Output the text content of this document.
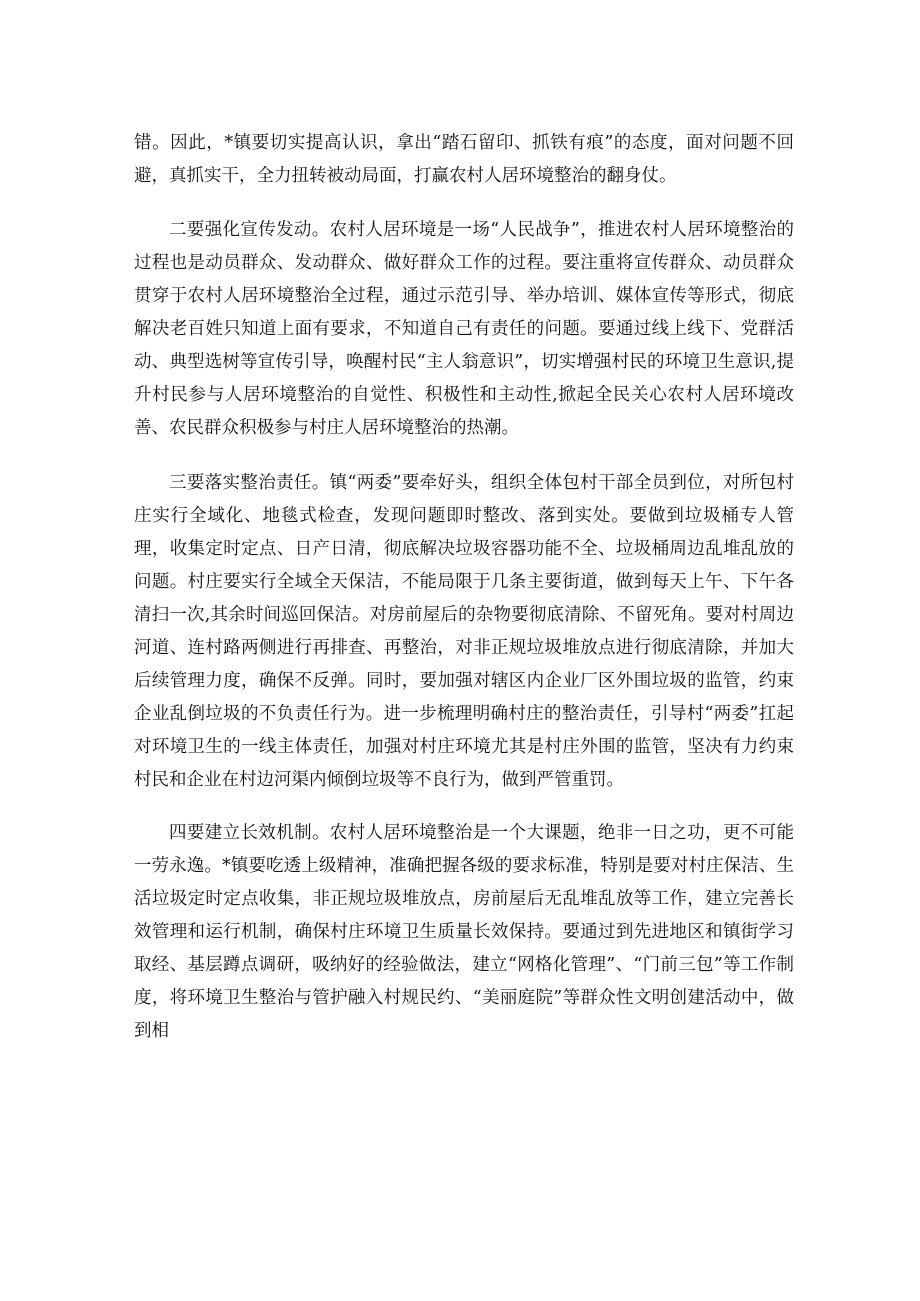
错。因此，*镇要切实提高认识，拿出“踏石留印、抓铁有痕”的态度，面对问题不回避，真抓实干，全力扭转被动局面，打赢农村人居环境整治的翻身仗。

二要强化宣传发动。农村人居环境是一场“人民战争”，推进农村人居环境整治的过程也是动员群众、发动群众、做好群众工作的过程。要注重将宣传群众、动员群众贯穿于农村人居环境整治全过程，通过示范引导、举办培训、媒体宣传等形式，彻底解决老百姓只知道上面有要求，不知道自己有责任的问题。要通过线上线下、党群活动、典型选树等宣传引导，唤醒村民“主人翁意识”，切实增强村民的环境卫生意识,提升村民参与人居环境整治的自觉性、积极性和主动性,掀起全民关心农村人居环境改善、农民群众积极参与村庄人居环境整治的热潮。

三要落实整治责任。镇“两委”要牵好头，组织全体包村干部全员到位，对所包村庄实行全域化、地毯式检查，发现问题即时整改、落到实处。要做到垃圾桶专人管理，收集定时定点、日产日清，彻底解决垃圾容器功能不全、垃圾桶周边乱堆乱放的问题。村庄要实行全域全天保洁，不能局限于几条主要街道，做到每天上午、下午各清扫一次,其余时间巡回保洁。对房前屋后的杂物要彻底清除、不留死角。要对村周边河道、连村路两侧进行再排查、再整治，对非正规垃圾堆放点进行彻底清除，并加大后续管理力度，确保不反弹。同时，要加强对辖区内企业厂区外围垃圾的监管，约束企业乱倒垃圾的不负责任行为。进一步梳理明确村庄的整治责任，引导村“两委”扛起对环境卫生的一线主体责任，加强对村庄环境尤其是村庄外围的监管，坚决有力约束村民和企业在村边河渠内倾倒垃圾等不良行为，做到严管重罚。

四要建立长效机制。农村人居环境整治是一个大课题，绝非一日之功，更不可能一劳永逸。*镇要吃透上级精神，准确把握各级的要求标准，特别是要对村庄保洁、生活垃圾定时定点收集，非正规垃圾堆放点，房前屋后无乱堆乱放等工作，建立完善长效管理和运行机制，确保村庄环境卫生质量长效保持。要通过到先进地区和镇街学习取经、基层蹲点调研，吸纳好的经验做法，建立“网格化管理”、“门前三包”等工作制度，将环境卫生整治与管护融入村规民约、“美丽庭院”等群众性文明创建活动中，做到相
